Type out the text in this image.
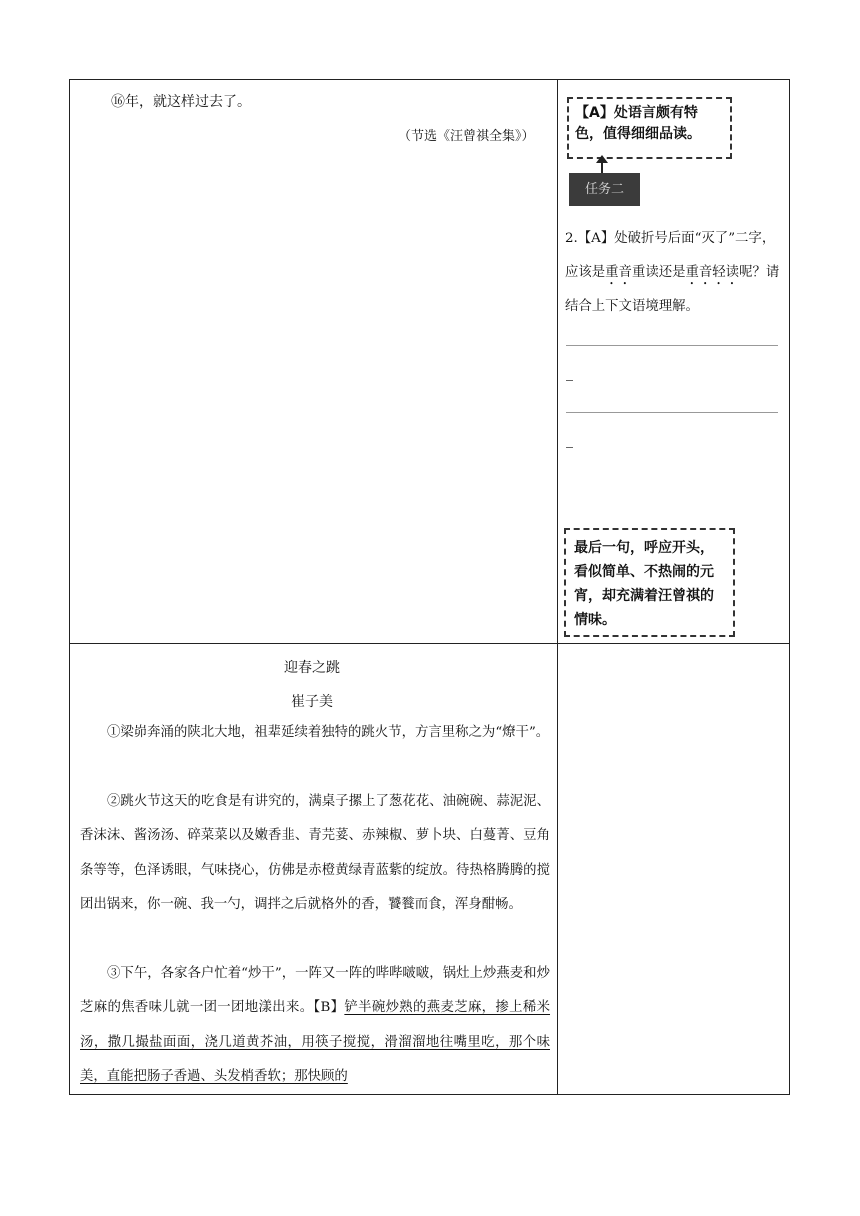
⑯年，就这样过去了。
（节选《汪曾祺全集》）
【A】处语言颇有特色，值得细细品读。
任务二
2.【A】处破折号后面“灭了”二字，应该是重音重读还是重音轻读呢？请结合上下文语境理解。
最后一句，呼应开头，看似简单、不热闹的元宵，却充满着汪曾祺的情味。
迎春之跳
崔子美
①梁峁奔涌的陕北大地，祖辈延续着独特的跳火节，方言里称之为“燎干”。
②跳火节这天的吃食是有讲究的，满桌子摞上了葱花花、油碗碗、蒜泥泥、香沫沫、酱汤汤、碎菜菜以及嫩香韭、青芫荽、赤辣椒、萝卜块、白蔓菁、豆角条等等，色泽诱眼，气味挠心，仿佛是赤橙黄绿青蓝紫的绽放。待热格腾腾的搅团出锅来，你一碗、我一勺，调拌之后就格外的香，饕餮而食，浑身酣畅。
③下午，各家各户忙着“炒干”，一阵又一阵的哔哔啵啵，锅灶上炒燕麦和炒芝麻的焦香味儿就一团一团地漾出来。【B】铲半碗炒熟的燕麦芝麻，掺上稀米汤，撒几撮盐面面，浇几道黄芥油，用筷子搅搅，滑溜溜地往嘴里吃，那个味美，直能把肠子香過、头发梢香软；那快顾的
